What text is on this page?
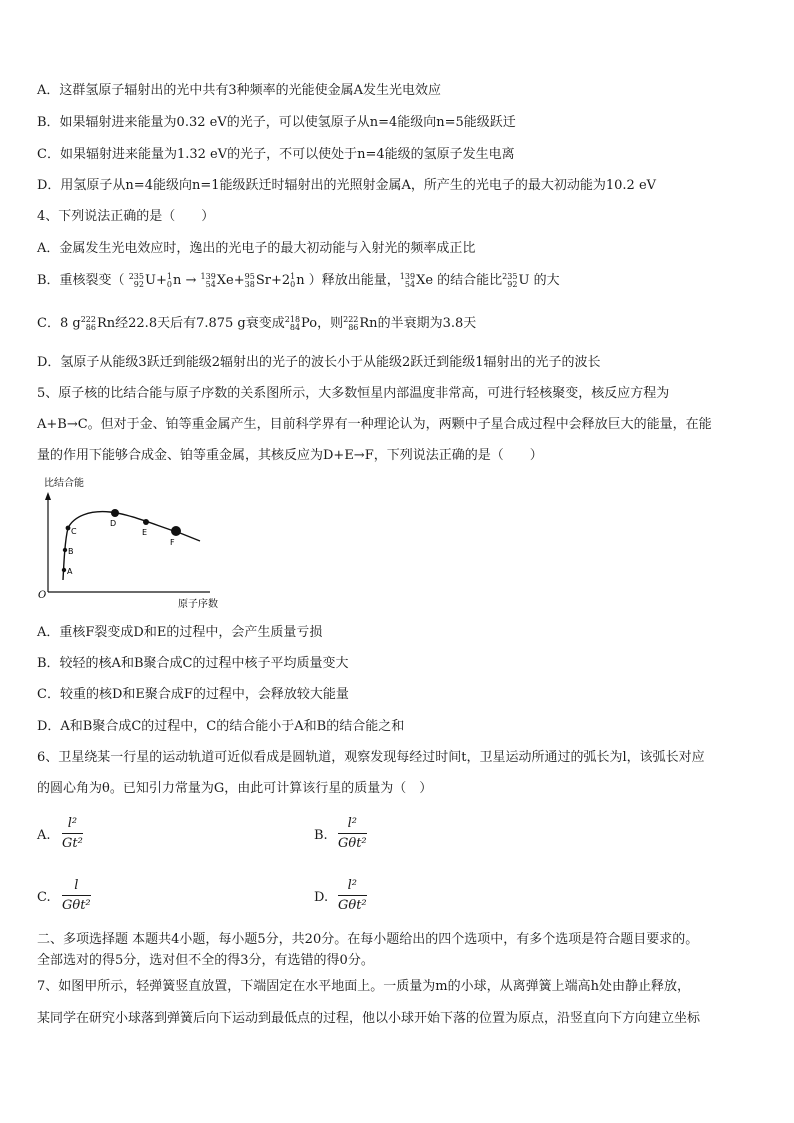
A．这群氢原子辐射出的光中共有3种频率的光能使金属A发生光电效应
B．如果辐射进来能量为0.32 eV的光子，可以使氢原子从n=4能级向n=5能级跃迁
C．如果辐射进来能量为1.32 eV的光子，不可以使处于n=4能级的氢原子发生电离
D．用氢原子从n=4能级向n=1能级跃迁时辐射出的光照射金属A，所产生的光电子的最大初动能为10.2 eV
4、下列说法正确的是（　　）
A．金属发生光电效应时，逸出的光电子的最大初动能与入射光的频率成正比
B．重核裂变（ 235
92 U+ 1
0 n → 139
54 Xe+ 95
38 Sr+2 1
0 n ）释放出能量， 139
54 Xe 的结合能比 235
92 U 的大
C．8 g 222
86 Rn经22.8天后有7.875 g衰变成 218
84 Po，则 222
86 Rn的半衰期为3.8天
D．氢原子从能级3跃迁到能级2辐射出的光子的波长小于从能级2跃迁到能级1辐射出的光子的波长
5、原子核的比结合能与原子序数的关系图所示，大多数恒星内部温度非常高，可进行轻核聚变，核反应方程为
A+B→C。但对于金、铂等重金属产生，目前科学界有一种理论认为，两颗中子星合成过程中会释放巨大的能量，在能
量的作用下能够合成金、铂等重金属，其核反应为D+E→F，下列说法正确的是（　　）
比结合能
O
原子序数
A
B
C
D
E
F
A．重核F裂变成D和E的过程中，会产生质量亏损
B．较轻的核A和B聚合成C的过程中核子平均质量变大
C．较重的核D和E聚合成F的过程中，会释放较大能量
D．A和B聚合成C的过程中，C的结合能小于A和B的结合能之和
6、卫星绕某一行星的运动轨道可近似看成是圆轨道，观察发现每经过时间t，卫星运动所通过的弧长为l，该弧长对应
的圆心角为θ。已知引力常量为G，由此可计算该行星的质量为（　）
A.
l²
Gt²
B.
l²
Gθt²
C.
l
Gθt²
D.
l²
Gθt²
二、多项选择题 本题共4小题，每小题5分，共20分。在每小题给出的四个选项中，有多个选项是符合题目要求的。
全部选对的得5分，选对但不全的得3分，有选错的得0分。
7、如图甲所示，轻弹簧竖直放置，下端固定在水平地面上。一质量为m的小球，从离弹簧上端高h处由静止释放，
某同学在研究小球落到弹簧后向下运动到最低点的过程，他以小球开始下落的位置为原点，沿竖直向下方向建立坐标
